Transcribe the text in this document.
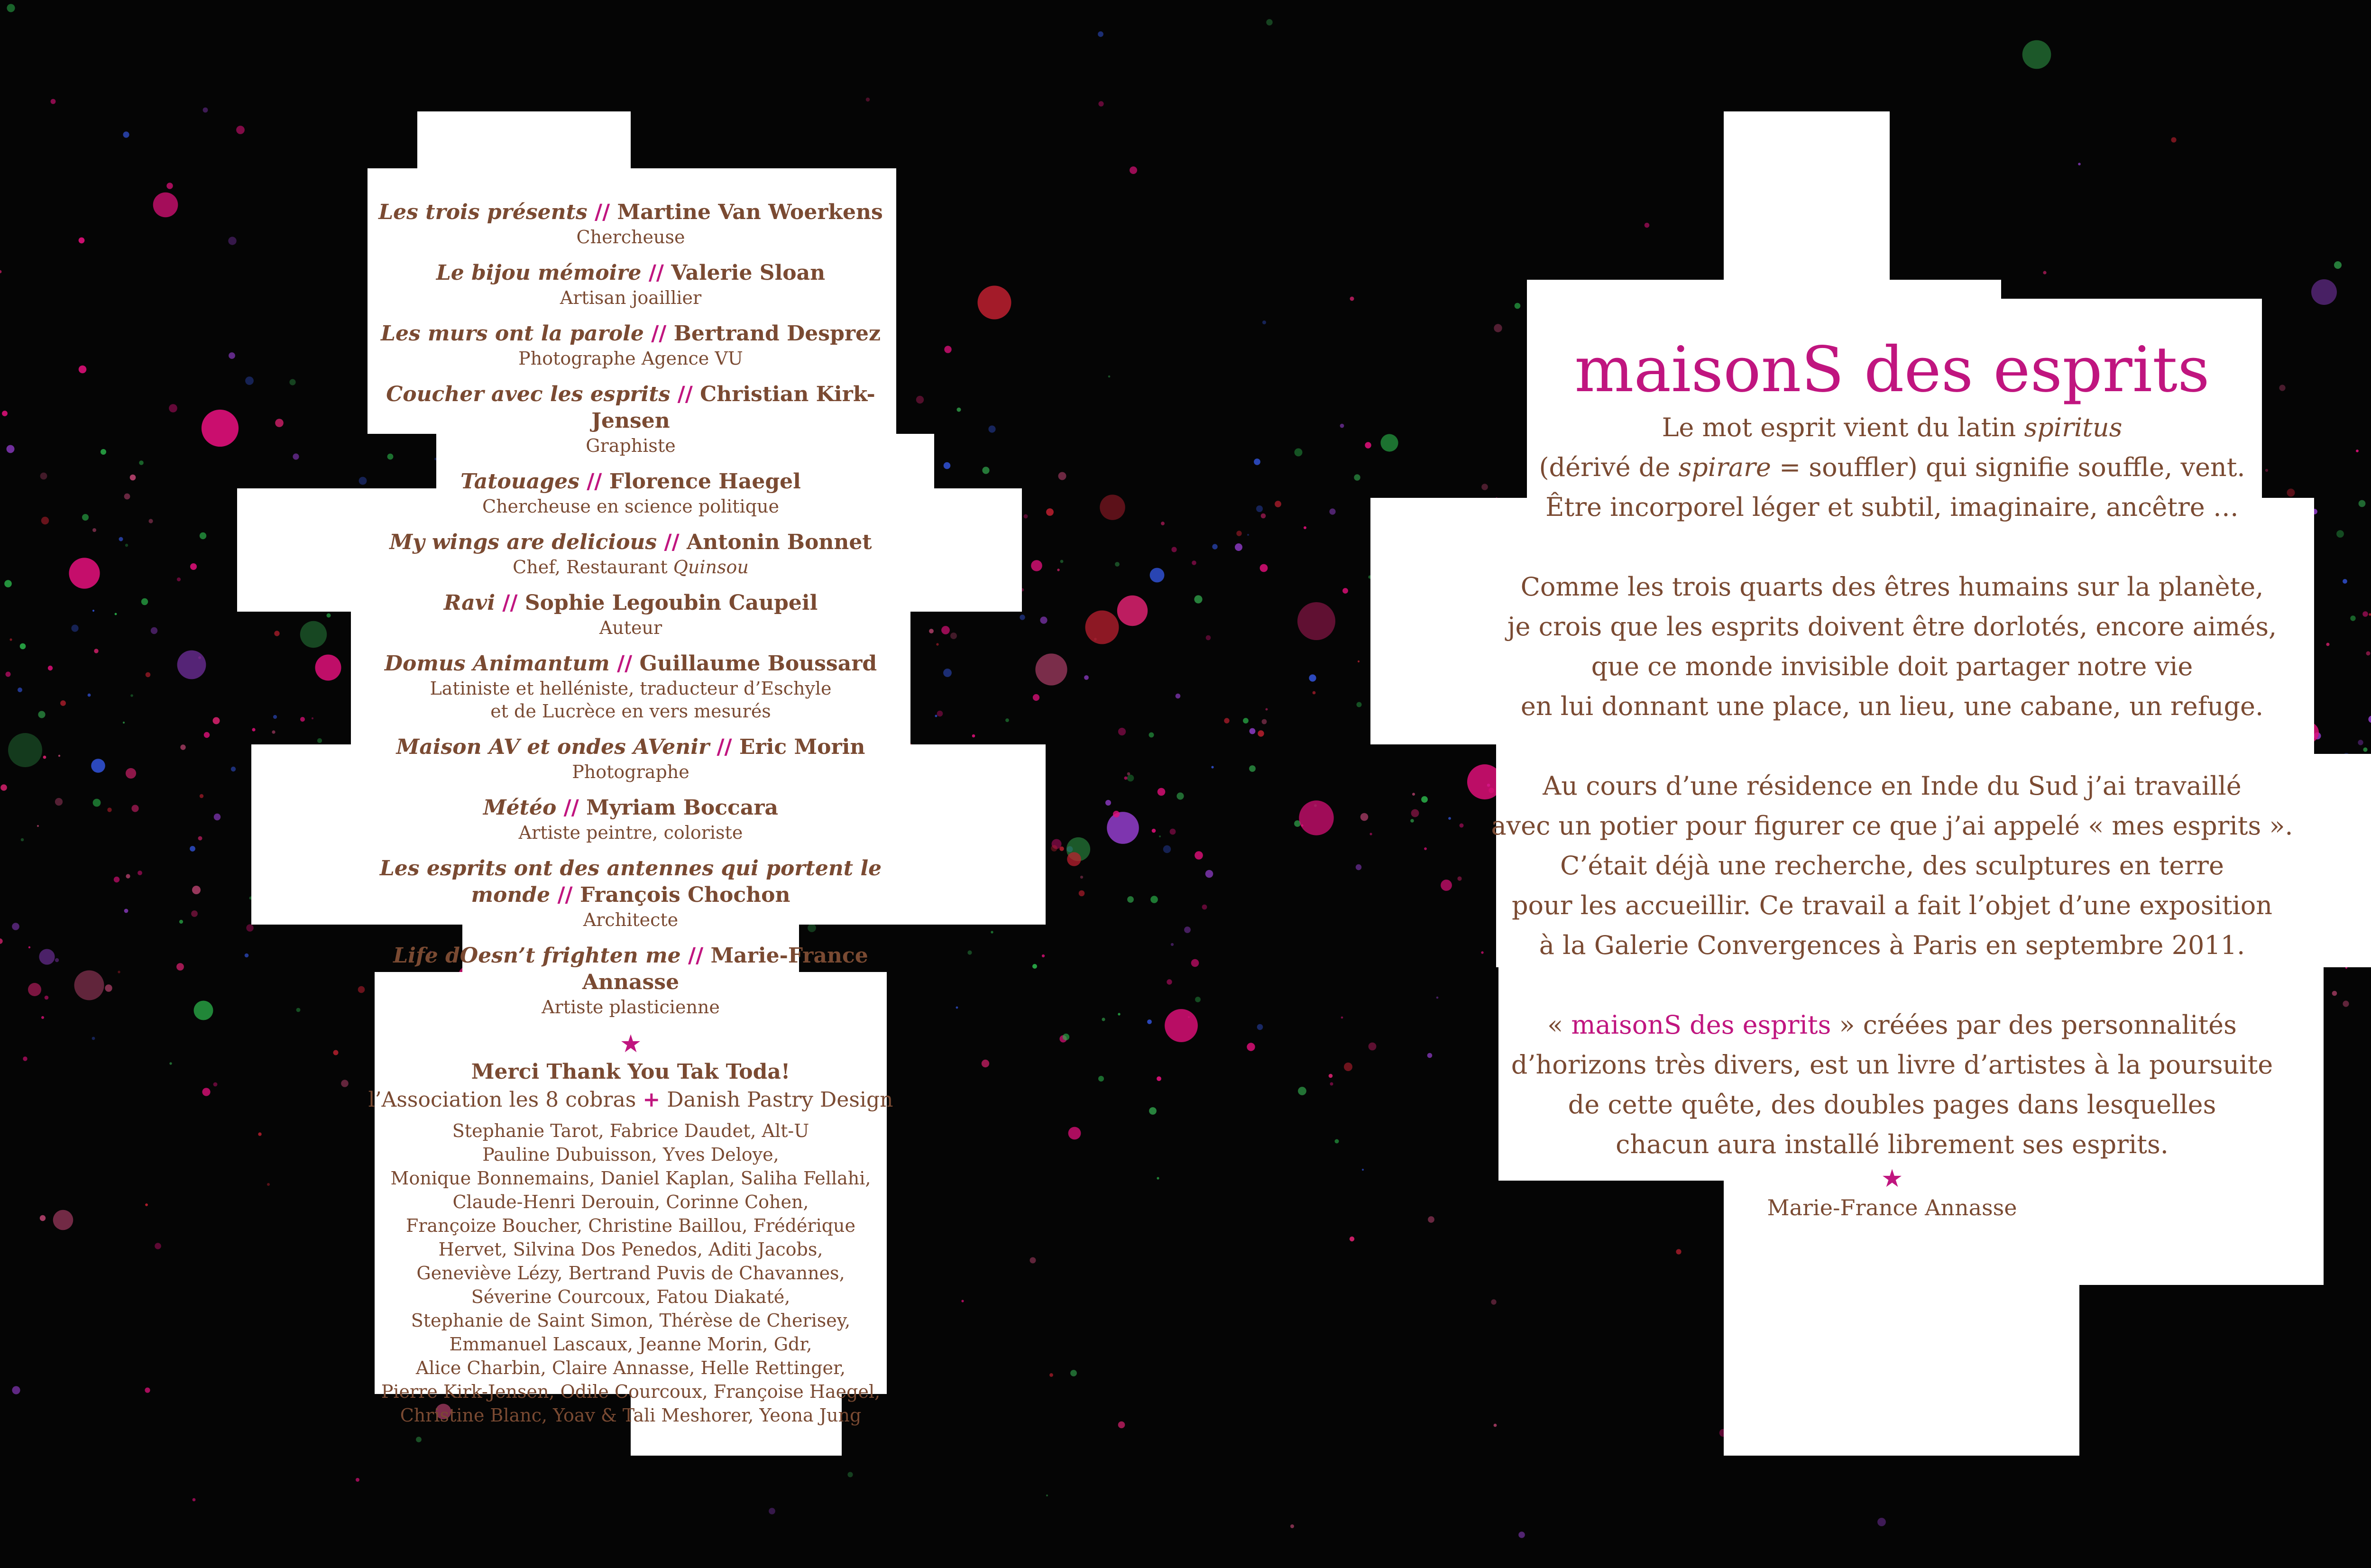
Les trois présents // Martine Van Woerkens
Chercheuse
Le bijou mémoire // Valerie Sloan
Artisan joaillier
Les murs ont la parole // Bertrand Desprez
Photographe Agence VU
Coucher avec les esprits // Christian Kirk-Jensen
Graphiste
Tatouages // Florence Haegel
Chercheuse en science politique
My wings are delicious // Antonin Bonnet
Chef, Restaurant Quinsou
Ravi // Sophie Legoubin Caupeil
Auteur
Domus Animantum // Guillaume Boussard
Latiniste et helléniste, traducteur d’Eschyle
et de Lucrèce en vers mesurés
Maison AV et ondes AVenir // Eric Morin
Photographe
Météo // Myriam Boccara
Artiste peintre, coloriste
Les esprits ont des antennes qui portent le monde // François Chochon
Architecte
Life dOesn’t frighten me // Marie-France Annasse
Artiste plasticienne
★
Merci Thank You Tak Toda!
l’Association les 8 cobras + Danish Pastry Design
Stephanie Tarot, Fabrice Daudet, Alt-U
Pauline Dubuisson, Yves Deloye,
Monique Bonnemains, Daniel Kaplan, Saliha Fellahi,
Claude-Henri Derouin, Corinne Cohen,
Françoize Boucher, Christine Baillou, Frédérique
Hervet, Silvina Dos Penedos, Aditi Jacobs,
Geneviève Lézy, Bertrand Puvis de Chavannes,
Séverine Courcoux, Fatou Diakaté,
Stephanie de Saint Simon, Thérèse de Cherisey,
Emmanuel Lascaux, Jeanne Morin, Gdr,
Alice Charbin, Claire Annasse, Helle Rettinger,
Pierre Kirk-Jensen, Odile Courcoux, Françoise Haegel,
Christine Blanc, Yoav & Tali Meshorer, Yeona Jung
maisonS des esprits
Le mot esprit vient du latin spiritus
(dérivé de spirare = souffler) qui signifie souffle, vent.
Être incorporel léger et subtil, imaginaire, ancêtre …
Comme les trois quarts des êtres humains sur la planète,
je crois que les esprits doivent être dorlotés, encore aimés,
que ce monde invisible doit partager notre vie
en lui donnant une place, un lieu, une cabane, un refuge.
Au cours d’une résidence en Inde du Sud j’ai travaillé
avec un potier pour figurer ce que j’ai appelé « mes esprits ».
C’était déjà une recherche, des sculptures en terre
pour les accueillir. Ce travail a fait l’objet d’une exposition
à la Galerie Convergences à Paris en septembre 2011.
« maisonS des esprits » créées par des personnalités
d’horizons très divers, est un livre d’artistes à la poursuite
de cette quête, des doubles pages dans lesquelles
chacun aura installé librement ses esprits.
★
Marie-France Annasse
